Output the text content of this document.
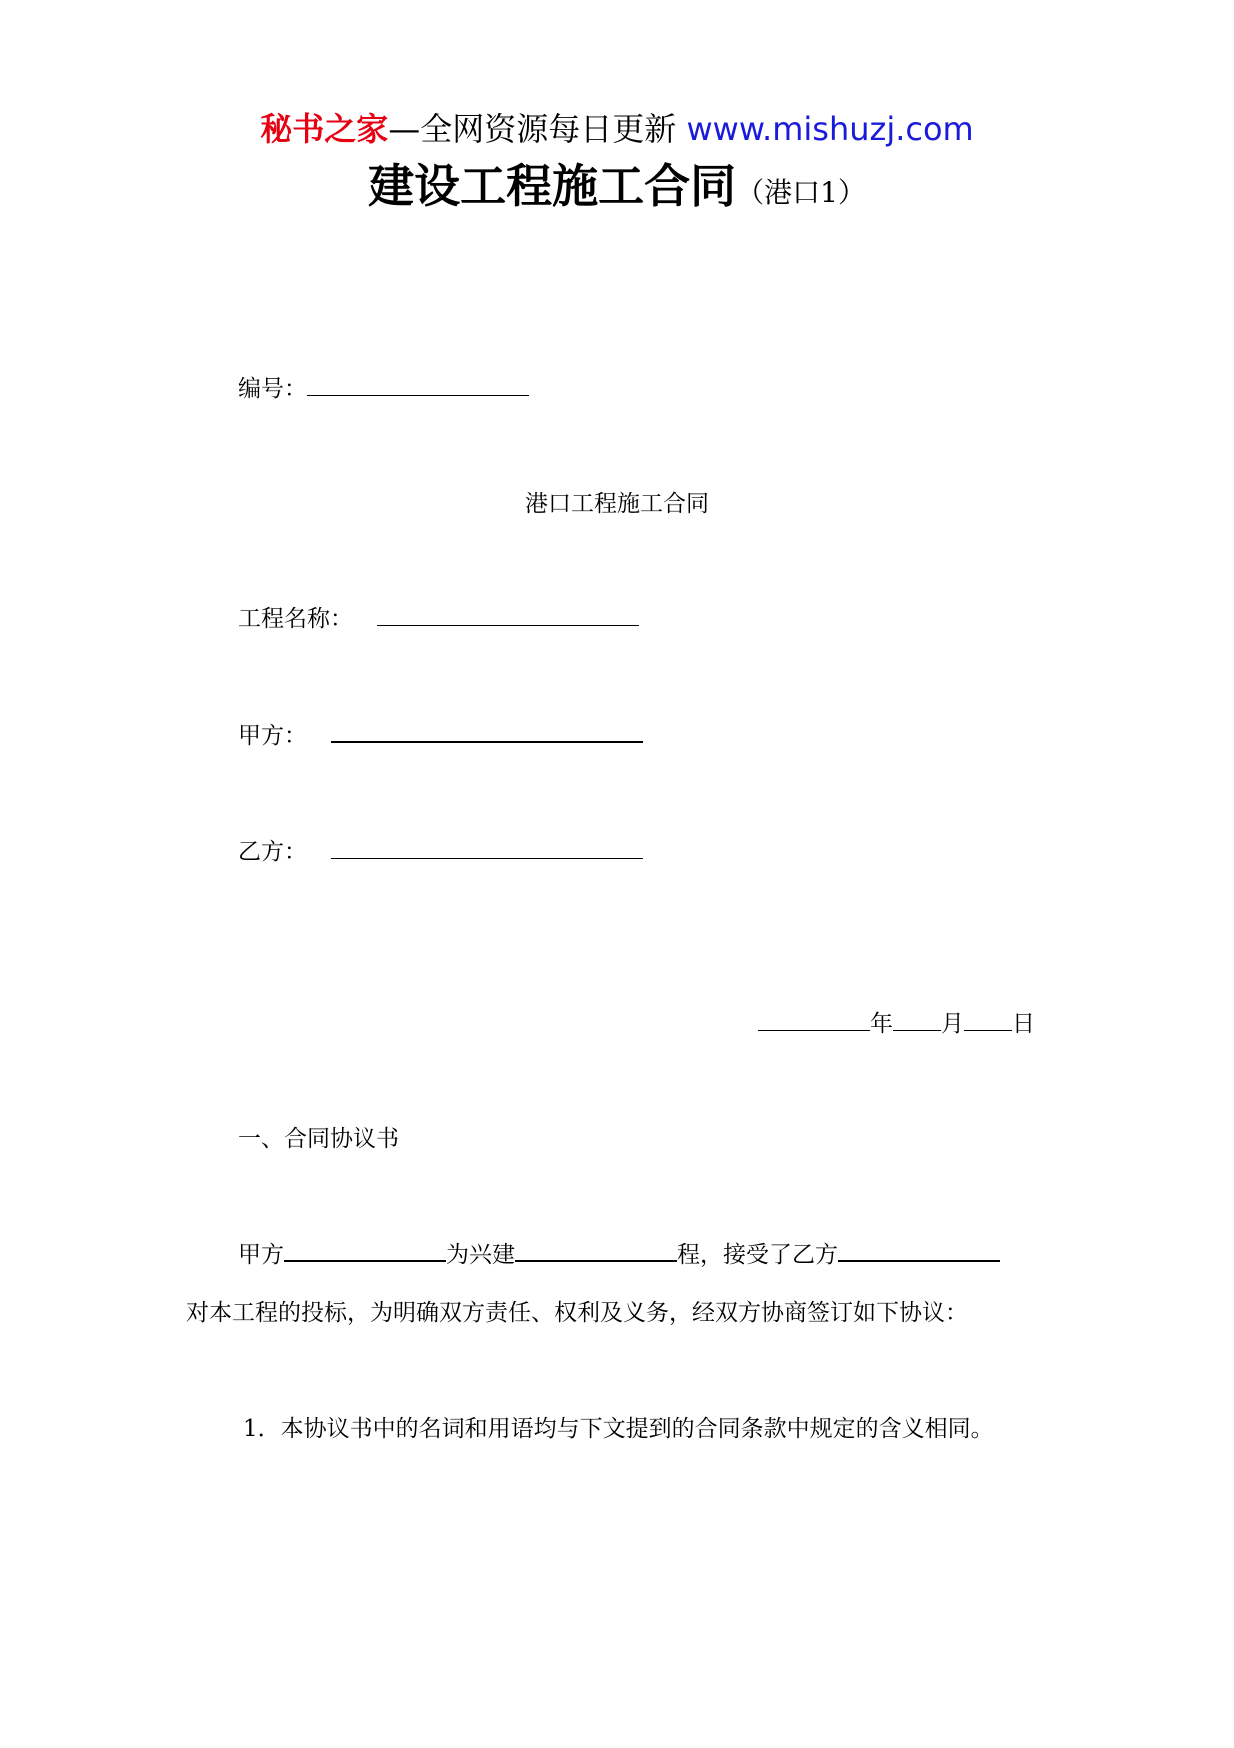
秘书之家—全网资源每日更新 www.mishuzj.com
建设工程施工合同（港口1）
编号：
港口工程施工合同
工程名称：
甲方：
乙方：
年 月 日
一、合同协议书
甲方	为兴建	程，接受了乙方
对本工程的投标，为明确双方责任、权利及义务，经双方协商签订如下协议：
1．本协议书中的名词和用语均与下文提到的合同条款中规定的含义相同。
